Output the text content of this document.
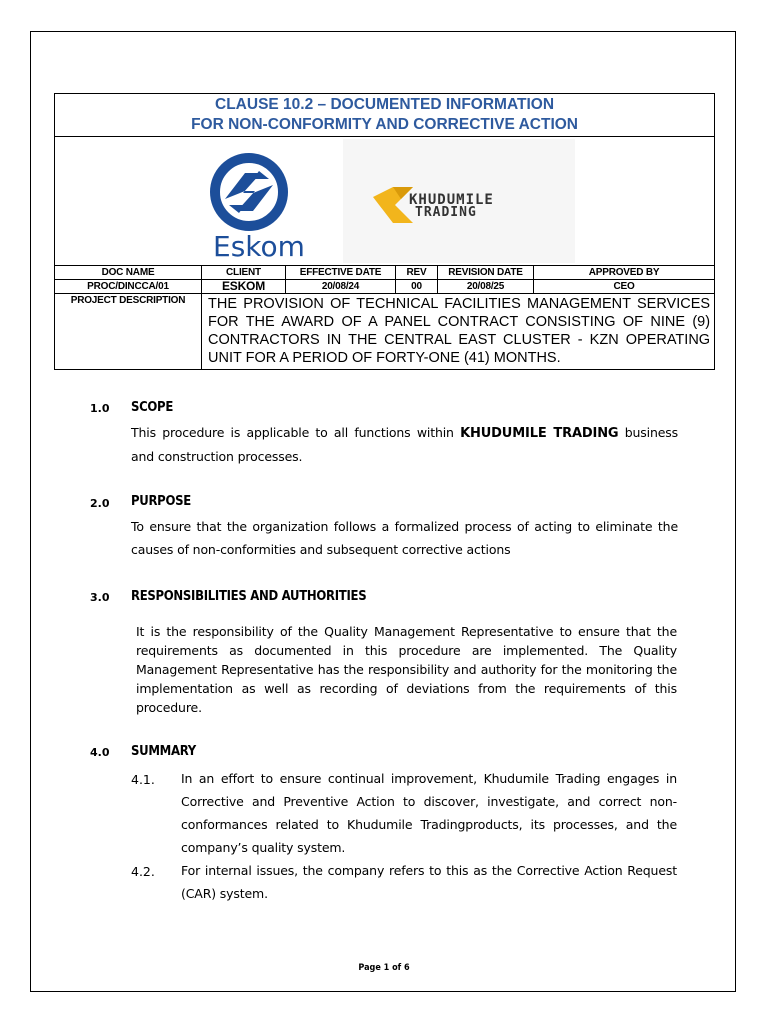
CLAUSE 10.2 – DOCUMENTED INFORMATION
FOR NON-CONFORMITY AND CORRECTIVE ACTION					

Eskom
KHUDUMILE
TRADING					

DOC NAME	CLIENT	EFFECTIVE DATE	REV	REVISION DATE	APPROVED BY
PROC/DINCCA/01	ESKOM	20/08/24	00	20/08/25	CEO
PROJECT DESCRIPTION	THE PROVISION OF TECHNICAL FACILITIES MANAGEMENT SERVICES FOR THE AWARD OF A PANEL CONTRACT CONSISTING OF NINE (9) CONTRACTORS IN THE CENTRAL EAST CLUSTER - KZN OPERATING UNIT FOR A PERIOD OF FORTY-ONE (41) MONTHS.				
1.0 SCOPE
This procedure is applicable to all functions within KHUDUMILE TRADING business and construction processes.
2.0 PURPOSE
To ensure that the organization follows a formalized process of acting to eliminate the causes of non-conformities and subsequent corrective actions
3.0 RESPONSIBILITIES AND AUTHORITIES
It is the responsibility of the Quality Management Representative to ensure that the requirements as documented in this procedure are implemented. The Quality Management Representative has the responsibility and authority for the monitoring the implementation as well as recording of deviations from the requirements of this procedure.
4.0 SUMMARY
4.1. In an effort to ensure continual improvement, Khudumile Trading engages in Corrective and Preventive Action to discover, investigate, and correct non-conformances related to Khudumile Tradingproducts, its processes, and the company’s quality system.
4.2. For internal issues, the company refers to this as the Corrective Action Request (CAR) system.
Page 1 of 6
